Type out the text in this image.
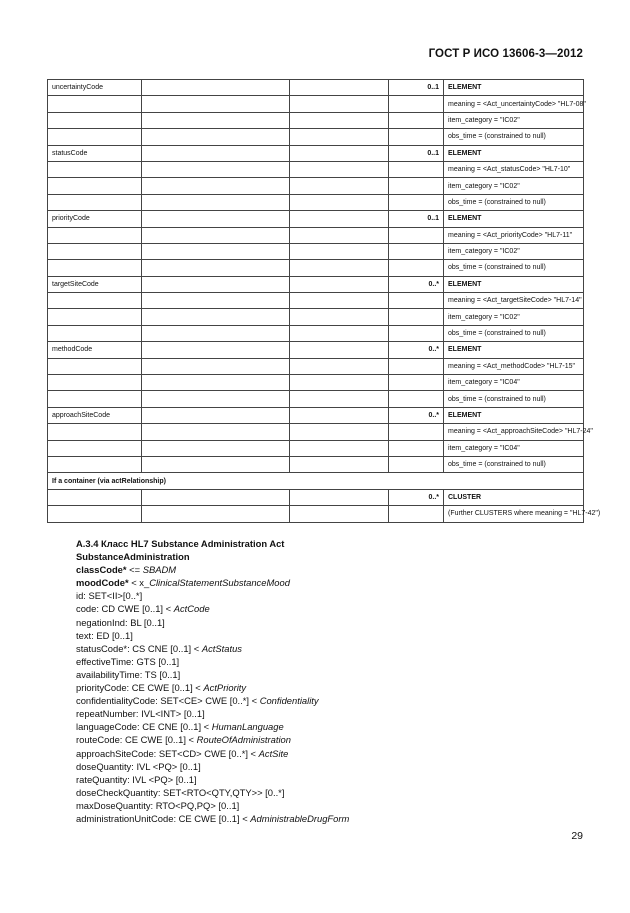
ГОСТ Р ИСО 13606-3—2012
uncertaintyCode			0..1	ELEMENT
				meaning = <Act_uncertaintyCode> "HL7-08"
				item_category = "IC02"
				obs_time = (constrained to null)
statusCode			0..1	ELEMENT
				meaning = <Act_statusCode> "HL7-10"
				item_category = "IC02"
				obs_time = (constrained to null)
priorityCode			0..1	ELEMENT
				meaning = <Act_priorityCode> "HL7-11"
				item_category = "IC02"
				obs_time = (constrained to null)
targetSiteCode			0..*	ELEMENT
				meaning = <Act_targetSiteCode> "HL7-14"
				item_category = "IC02"
				obs_time = (constrained to null)
methodCode			0..*	ELEMENT
				meaning = <Act_methodCode> "HL7-15"
				item_category = "IC04"
				obs_time = (constrained to null)
approachSiteCode			0..*	ELEMENT
				meaning = <Act_approachSiteCode> "HL7-24"
				item_category = "IC04"
				obs_time = (constrained to null)
If a container (via actRelationship)				
			0..*	CLUSTER
				(Further CLUSTERS where meaning = "HL7-42")
A.3.4 Класс HL7 Substance Administration Act
SubstanceAdministration
classCode* <= SBADM
moodCode* < x_ClinicalStatementSubstanceMood
id: SET<II>[0..*]
code: CD CWE [0..1] < ActCode
negationInd: BL [0..1]
text: ED [0..1]
statusCode*: CS CNE [0..1] < ActStatus
effectiveTime: GTS [0..1]
availabilityTime: TS [0..1]
priorityCode: CE CWE [0..1] < ActPriority
confidentialityCode: SET<CE> CWE [0..*] < Confidentiality
repeatNumber: IVL<INT> [0..1]
languageCode: CE CNE [0..1] < HumanLanguage
routeCode: CE CWE [0..1] < RouteOfAdministration
approachSiteCode: SET<CD> CWE [0..*] < ActSite
doseQuantity: IVL <PQ> [0..1]
rateQuantity: IVL <PQ> [0..1]
doseCheckQuantity: SET<RTO<QTY,QTY>> [0..*]
maxDoseQuantity: RTO<PQ,PQ> [0..1]
administrationUnitCode: CE CWE [0..1] < AdministrableDrugForm
29
